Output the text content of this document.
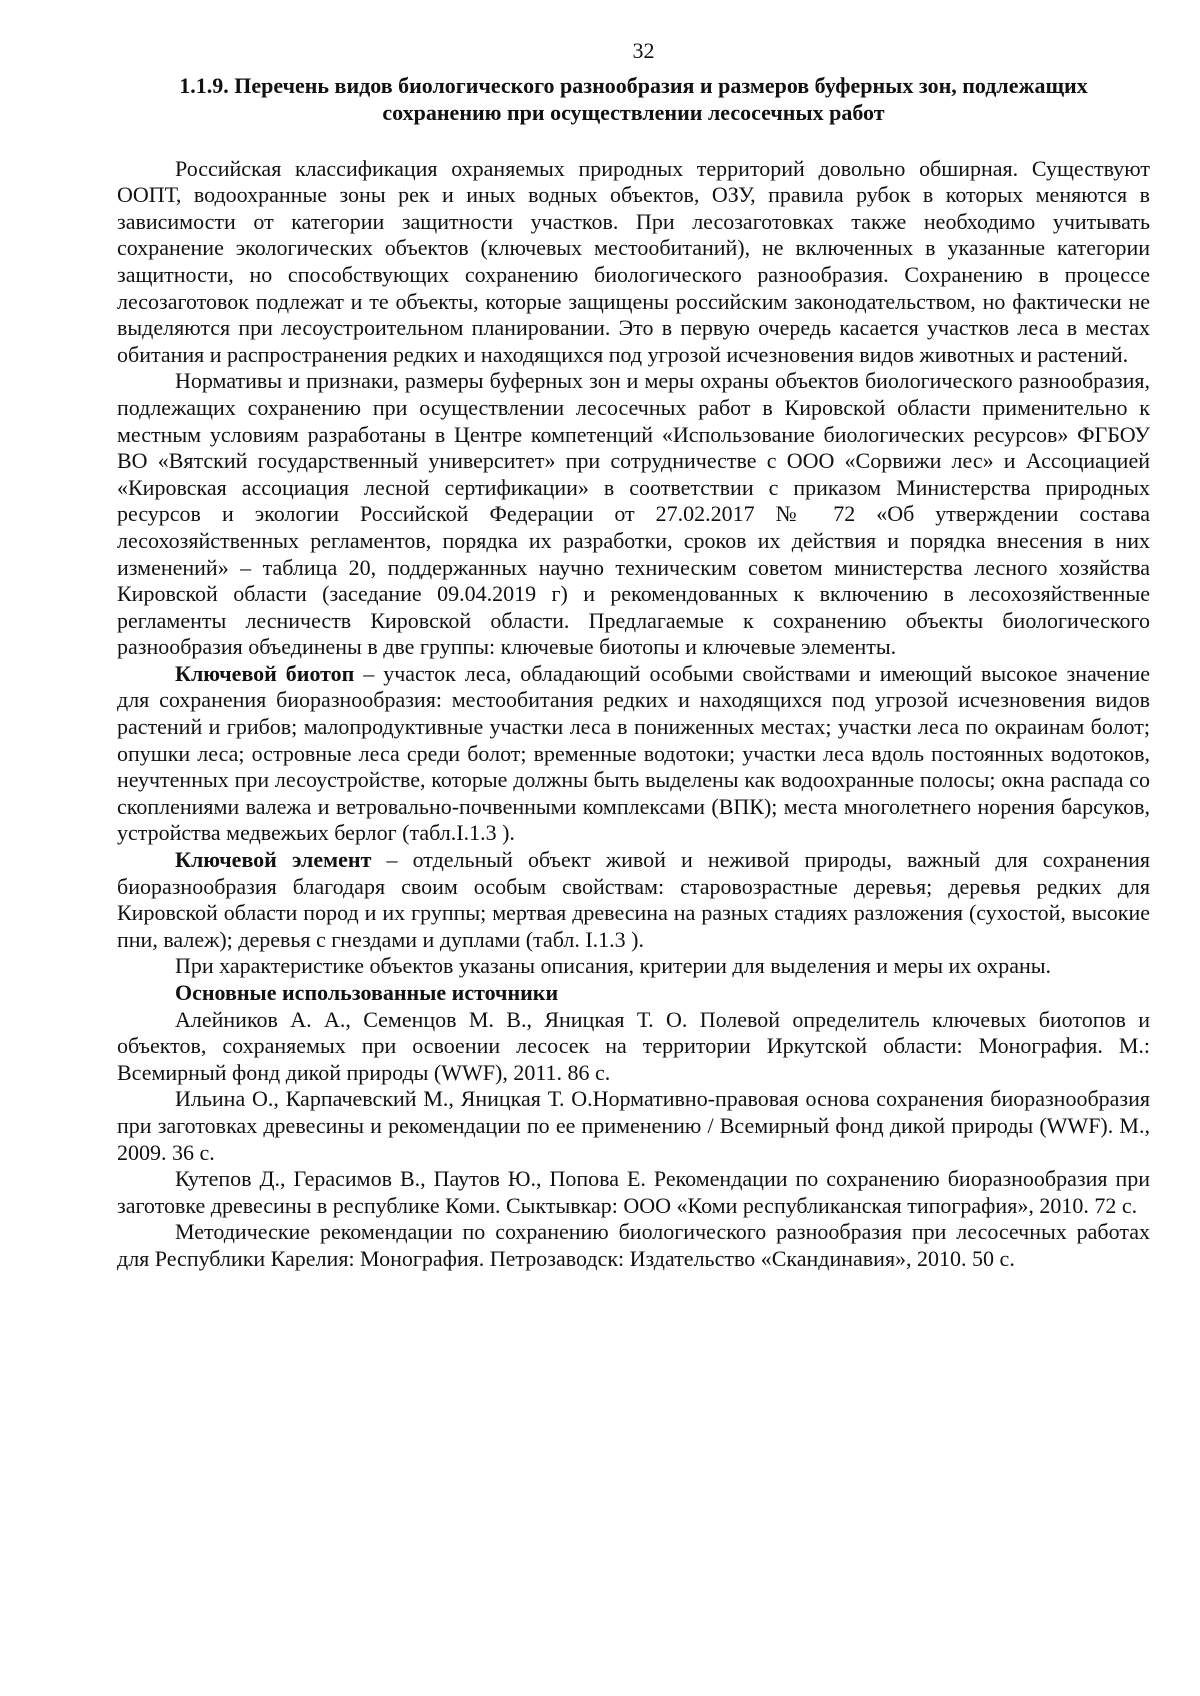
32
1.1.9. Перечень видов биологического разнообразия и размеров буферных зон, подлежащих
сохранению при осуществлении лесосечных работ

Российская классификация охраняемых природных территорий довольно обширная. Существуют ООПТ, водоохранные зоны рек и иных водных объектов, ОЗУ, правила рубок в которых меняются в зависимости от категории защитности участков. При лесозаготовках также необходимо учитывать сохранение экологических объектов (ключевых местообитаний), не включенных в указанные категории защитности, но способствующих сохранению биологического разнообразия. Сохранению в процессе лесозаготовок подлежат и те объекты, которые защищены российским законодательством, но фактически не выделяются при лесоустроительном планировании. Это в первую очередь касается участков леса в местах обитания и распространения редких и находящихся под угрозой исчезновения видов животных и растений.

Нормативы и признаки, размеры буферных зон и меры охраны объектов биологического разнообразия, подлежащих сохранению при осуществлении лесосечных работ в Кировской области применительно к местным условиям разработаны в Центре компетенций «Использование биологических ресурсов» ФГБОУ ВО «Вятский государственный университет» при сотрудничестве с ООО «Сорвижи лес» и Ассоциацией «Кировская ассоциация лесной сертификации» в соответствии с приказом Министерства природных ресурсов и экологии Российской Федерации от 27.02.2017 № 72 «Об утверждении состава лесохозяйственных регламентов, порядка их разработки, сроков их действия и порядка внесения в них изменений» – таблица 20, поддержанных научно техническим советом министерства лесного хозяйства Кировской области (заседание 09.04.2019 г) и рекомендованных к включению в лесохозяйственные регламенты лесничеств Кировской области. Предлагаемые к сохранению объекты биологического разнообразия объединены в две группы: ключевые биотопы и ключевые элементы.

Ключевой биотоп – участок леса, обладающий особыми свойствами и имеющий высокое значение для сохранения биоразнообразия: местообитания редких и находящихся под угрозой исчезновения видов растений и грибов; малопродуктивные участки леса в пониженных местах; участки леса по окраинам болот; опушки леса; островные леса среди болот; временные водотоки; участки леса вдоль постоянных водотоков, неучтенных при лесоустройстве, которые должны быть выделены как водоохранные полосы; окна распада со скоплениями валежа и ветровально-почвенными комплексами (ВПК); места многолетнего норения барсуков, устройства медвежьих берлог (табл.I.1.3 ).

Ключевой элемент – отдельный объект живой и неживой природы, важный для сохранения биоразнообразия благодаря своим особым свойствам: старовозрастные деревья; деревья редких для Кировской области пород и их группы; мертвая древесина на разных стадиях разложения (сухостой, высокие пни, валеж); деревья с гнездами и дуплами (табл. I.1.3 ).

При характеристике объектов указаны описания, критерии для выделения и меры их охраны.

Основные использованные источники

Алейников А. А., Семенцов М. В., Яницкая Т. О. Полевой определитель ключевых биотопов и объектов, сохраняемых при освоении лесосек на территории Иркутской области: Монография. М.: Всемирный фонд дикой природы (WWF), 2011. 86 с.

Ильина О., Карпачевский М., Яницкая Т. О.Нормативно-правовая основа сохранения биоразнообразия при заготовках древесины и рекомендации по ее применению / Всемирный фонд дикой природы (WWF). М., 2009. 36 с.

Кутепов Д., Герасимов В., Паутов Ю., Попова Е. Рекомендации по сохранению биоразнообразия при заготовке древесины в республике Коми. Сыктывкар: ООО «Коми республиканская типография», 2010. 72 с.

Методические рекомендации по сохранению биологического разнообразия при лесосечных работах для Республики Карелия: Монография. Петрозаводск: Издательство «Скандинавия», 2010. 50 с.
